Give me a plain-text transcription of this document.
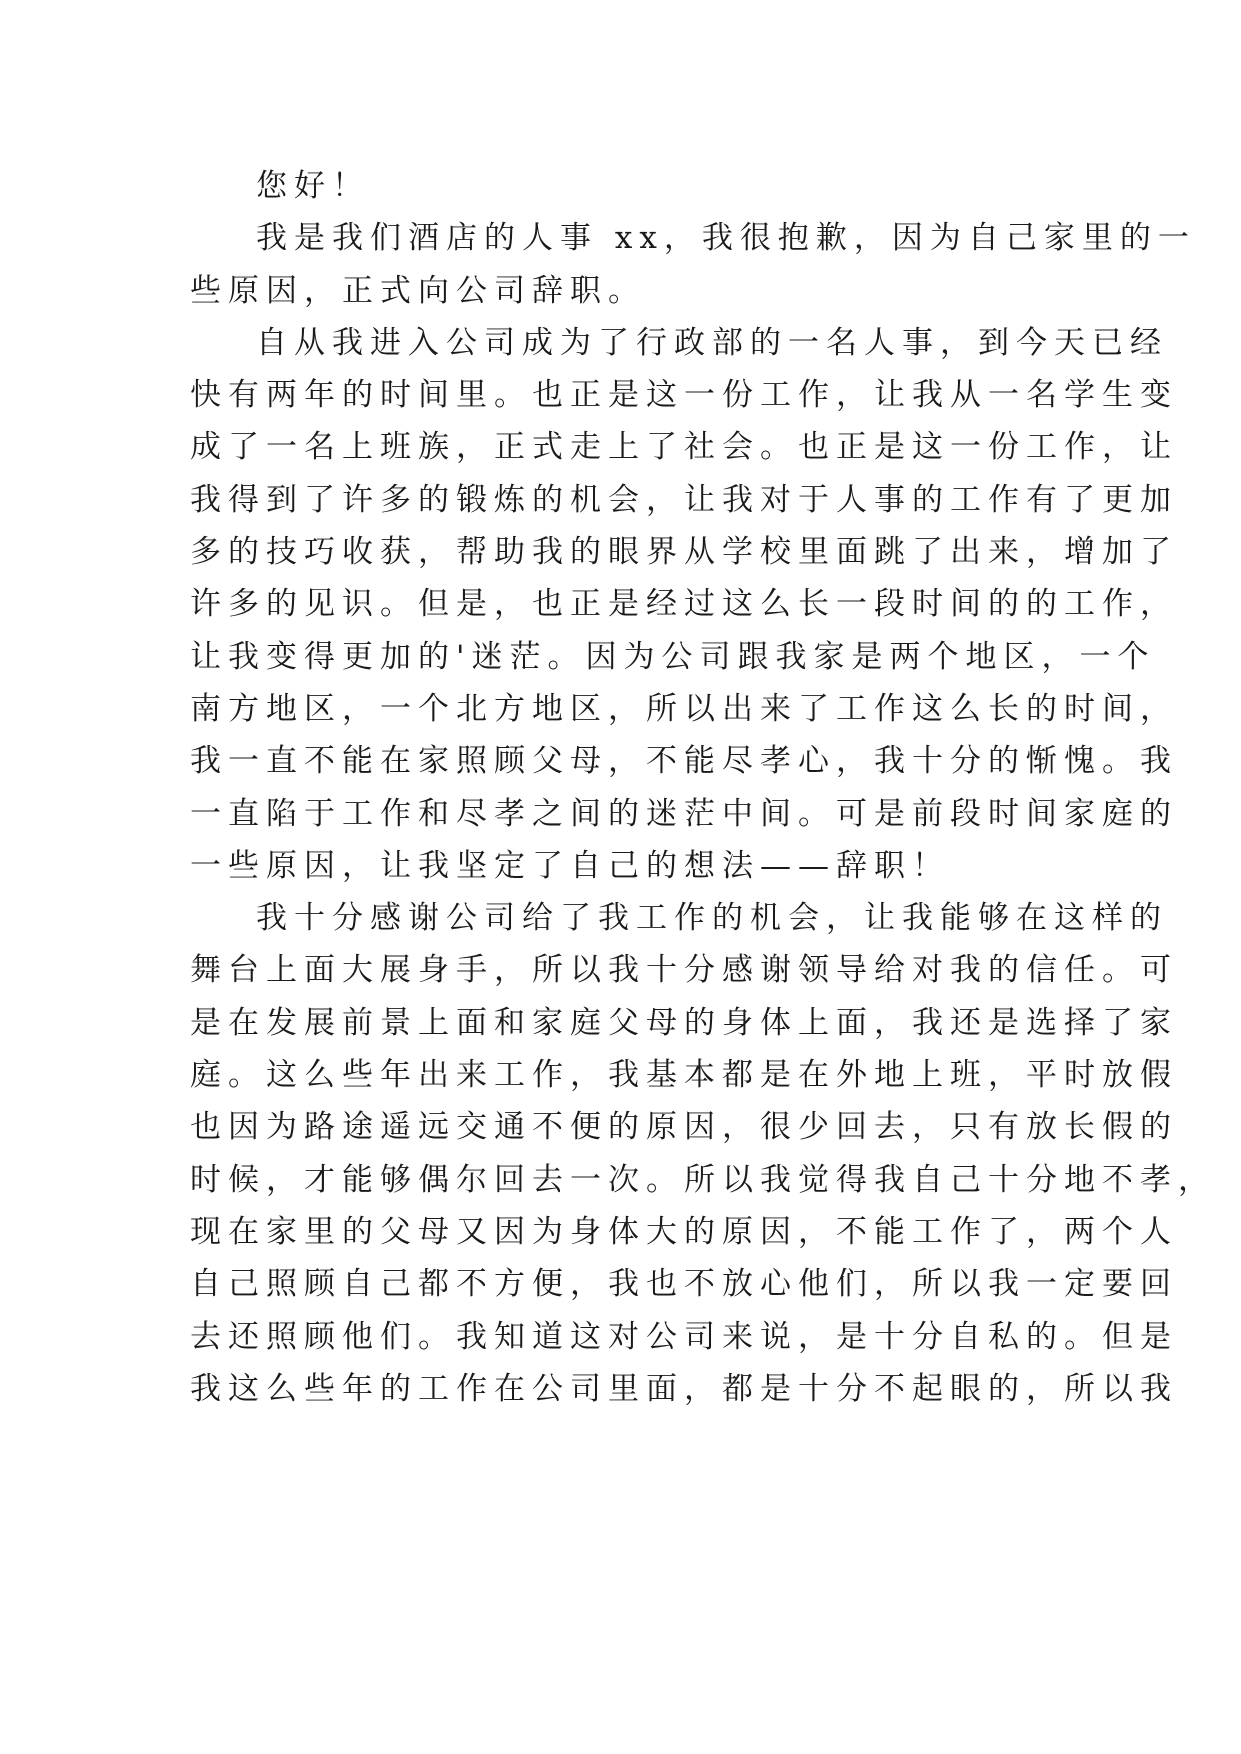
您好！

我是我们酒店的人事 xx，我很抱歉，因为自己家里的一
些原因，正式向公司辞职。

自从我进入公司成为了行政部的一名人事，到今天已经
快有两年的时间里。也正是这一份工作，让我从一名学生变
成了一名上班族，正式走上了社会。也正是这一份工作，让
我得到了许多的锻炼的机会，让我对于人事的工作有了更加
多的技巧收获，帮助我的眼界从学校里面跳了出来，增加了
许多的见识。但是，也正是经过这么长一段时间的的工作，
让我变得更加的'迷茫。因为公司跟我家是两个地区，一个
南方地区，一个北方地区，所以出来了工作这么长的时间，
我一直不能在家照顾父母，不能尽孝心，我十分的惭愧。我
一直陷于工作和尽孝之间的迷茫中间。可是前段时间家庭的
一些原因，让我坚定了自己的想法——辞职！

我十分感谢公司给了我工作的机会，让我能够在这样的
舞台上面大展身手，所以我十分感谢领导给对我的信任。可
是在发展前景上面和家庭父母的身体上面，我还是选择了家
庭。这么些年出来工作，我基本都是在外地上班，平时放假
也因为路途遥远交通不便的原因，很少回去，只有放长假的
时候，才能够偶尔回去一次。所以我觉得我自己十分地不孝，
现在家里的父母又因为身体大的原因，不能工作了，两个人
自己照顾自己都不方便，我也不放心他们，所以我一定要回
去还照顾他们。我知道这对公司来说，是十分自私的。但是
我这么些年的工作在公司里面，都是十分不起眼的，所以我
